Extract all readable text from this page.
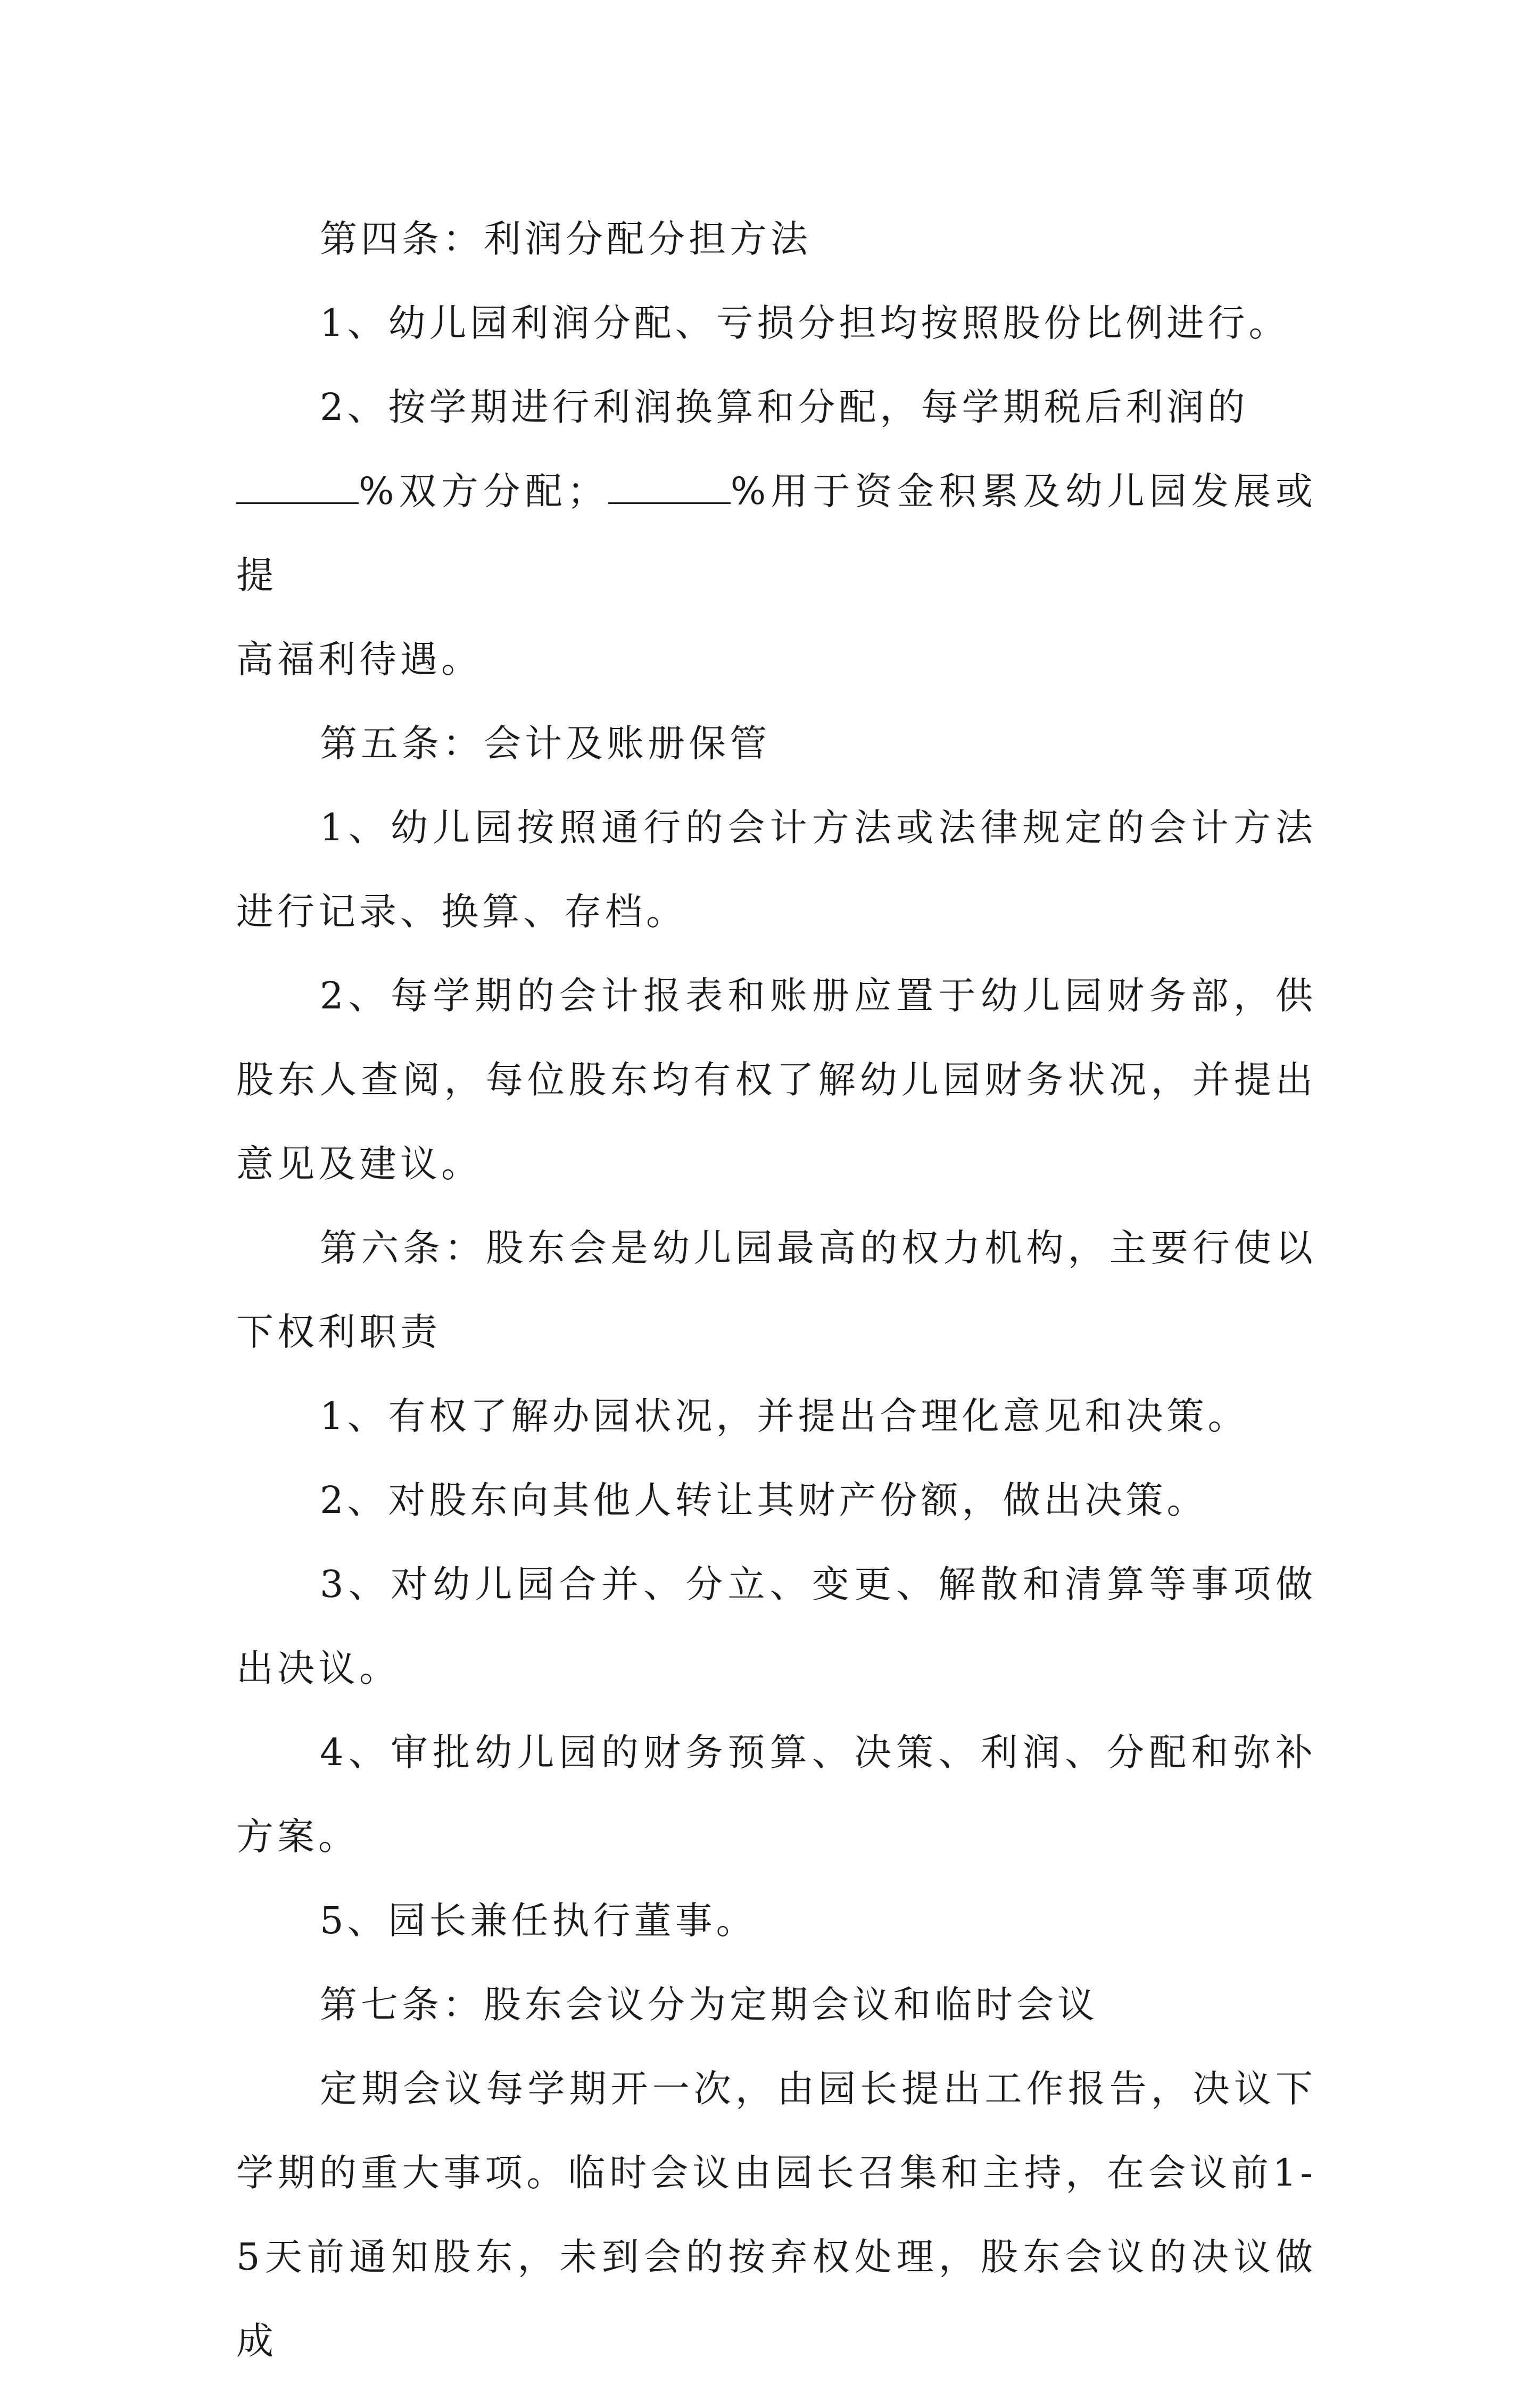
第四条：利润分配分担方法

1、幼儿园利润分配、亏损分担均按照股份比例进行。

2、按学期进行利润换算和分配，每学期税后利润的

%双方分配；	%用于资金积累及幼儿园发展或提

高福利待遇。

第五条：会计及账册保管

1、幼儿园按照通行的会计方法或法律规定的会计方法进行记录、换算、存档。

2、每学期的会计报表和账册应置于幼儿园财务部，供股东人查阅，每位股东均有权了解幼儿园财务状况，并提出意见及建议。

第六条：股东会是幼儿园最高的权力机构，主要行使以下权利职责

1、有权了解办园状况，并提出合理化意见和决策。

2、对股东向其他人转让其财产份额，做出决策。

3、对幼儿园合并、分立、变更、解散和清算等事项做出决议。

4、审批幼儿园的财务预算、决策、利润、分配和弥补方案。

5、园长兼任执行董事。

第七条：股东会议分为定期会议和临时会议

定期会议每学期开一次，由园长提出工作报告，决议下学期的重大事项。临时会议由园长召集和主持，在会议前1-5天前通知股东，未到会的按弃权处理，股东会议的决议做成
